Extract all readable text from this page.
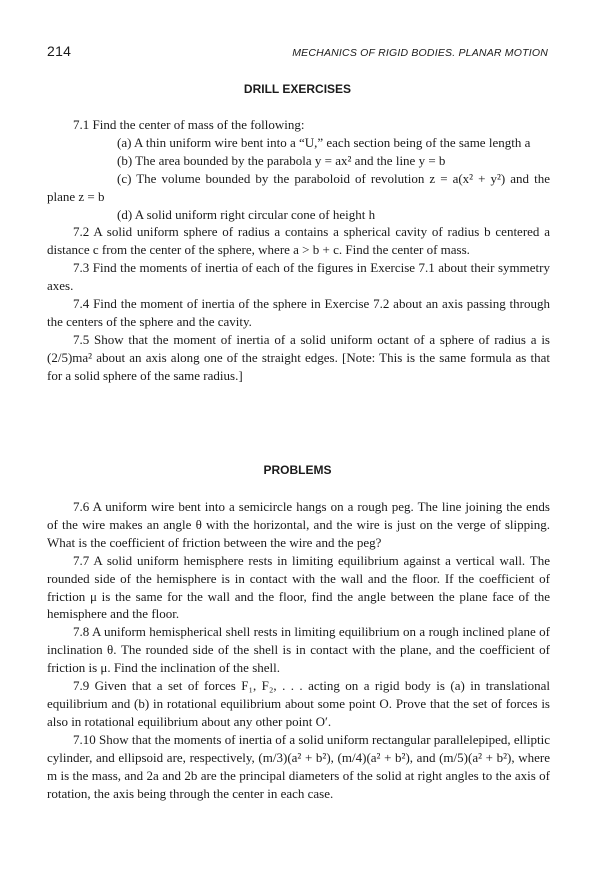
214	MECHANICS OF RIGID BODIES. PLANAR MOTION
DRILL EXERCISES

7.1 Find the center of mass of the following:

(a) A thin uniform wire bent into a “U,” each section being of the same length a

(b) The area bounded by the parabola y = ax² and the line y = b

(c) The volume bounded by the paraboloid of revolution z = a(x² + y²) and the plane z = b

(d) A solid uniform right circular cone of height h

7.2 A solid uniform sphere of radius a contains a spherical cavity of radius b centered a distance c from the center of the sphere, where a > b + c. Find the center of mass.

7.3 Find the moments of inertia of each of the figures in Exercise 7.1 about their symmetry axes.

7.4 Find the moment of inertia of the sphere in Exercise 7.2 about an axis passing through the centers of the sphere and the cavity.

7.5 Show that the moment of inertia of a solid uniform octant of a sphere of radius a is (2/5)ma² about an axis along one of the straight edges. [Note: This is the same formula as that for a solid sphere of the same radius.]

PROBLEMS

7.6 A uniform wire bent into a semicircle hangs on a rough peg. The line joining the ends of the wire makes an angle θ with the horizontal, and the wire is just on the verge of slipping. What is the coefficient of friction between the wire and the peg?

7.7 A solid uniform hemisphere rests in limiting equilibrium against a vertical wall. The rounded side of the hemisphere is in contact with the wall and the floor. If the coefficient of friction μ is the same for the wall and the floor, find the angle between the plane face of the hemisphere and the floor.

7.8 A uniform hemispherical shell rests in limiting equilibrium on a rough inclined plane of inclination θ. The rounded side of the shell is in contact with the plane, and the coefficient of friction is μ. Find the inclination of the shell.

7.9 Given that a set of forces F₁, F₂, . . . acting on a rigid body is (a) in translational equilibrium and (b) in rotational equilibrium about some point O. Prove that the set of forces is also in rotational equilibrium about any other point O′.

7.10 Show that the moments of inertia of a solid uniform rectangular parallelepiped, elliptic cylinder, and ellipsoid are, respectively, (m/3)(a² + b²), (m/4)(a² + b²), and (m/5)(a² + b²), where m is the mass, and 2a and 2b are the principal diameters of the solid at right angles to the axis of rotation, the axis being through the center in each case.
